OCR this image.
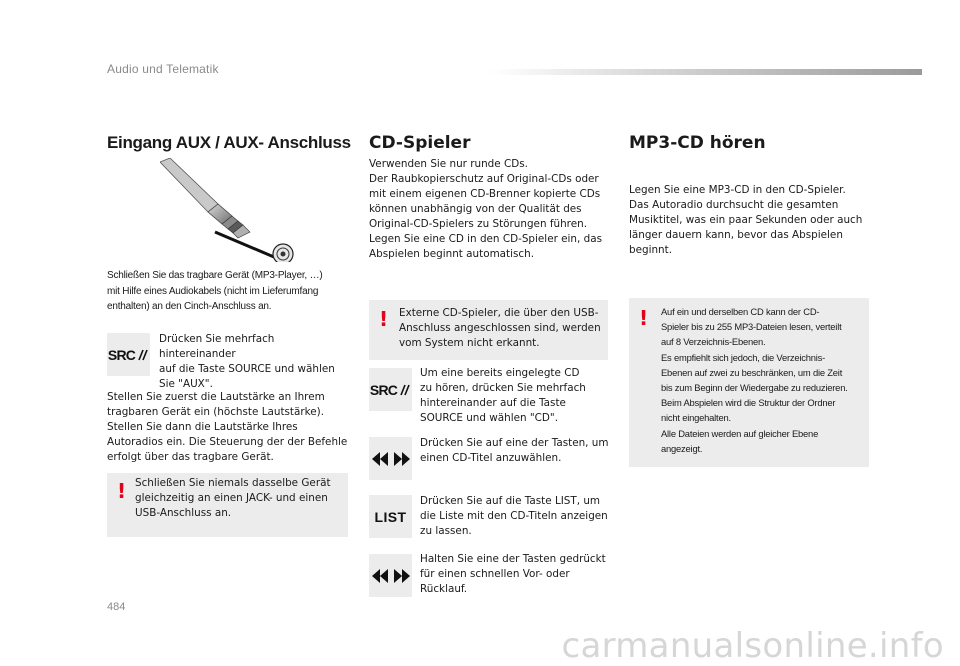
Audio und Telematik
Eingang AUX / AUX- Anschluss

Schließen Sie das tragbare Gerät (MP3-Player, …)
mit Hilfe eines Audiokabels (nicht im Lieferumfang
enthalten) an den Cinch-Anschluss an.

SRC

Drücken Sie mehrfach hintereinander
auf die Taste SOURCE und wählen
Sie "AUX".

Stellen Sie zuerst die Lautstärke an Ihrem
tragbaren Gerät ein (höchste Lautstärke).
Stellen Sie dann die Lautstärke Ihres
Autoradios ein. Die Steuerung der der Befehle
erfolgt über das tragbare Gerät.

! Schließen Sie niemals dasselbe Gerät
gleichzeitig an einen JACK- und einen
USB-Anschluss an.

CD-Spieler

Verwenden Sie nur runde CDs.
Der Raubkopierschutz auf Original-CDs oder
mit einem eigenen CD-Brenner kopierte CDs
können unabhängig von der Qualität des
Original-CD-Spielers zu Störungen führen.
Legen Sie eine CD in den CD-Spieler ein, das
Abspielen beginnt automatisch.

! Externe CD-Spieler, die über den USB-
Anschluss angeschlossen sind, werden
vom System nicht erkannt.

SRC

Um eine bereits eingelegte CD
zu hören, drücken Sie mehrfach
hintereinander auf die Taste
SOURCE und wählen "CD".

Drücken Sie auf eine der Tasten, um
einen CD-Titel anzuwählen.

LIST

Drücken Sie auf die Taste LIST, um
die Liste mit den CD-Titeln anzeigen
zu lassen.

Halten Sie eine der Tasten gedrückt
für einen schnellen Vor- oder
Rücklauf.

MP3-CD hören

Legen Sie eine MP3-CD in den CD-Spieler.
Das Autoradio durchsucht die gesamten
Musiktitel, was ein paar Sekunden oder auch
länger dauern kann, bevor das Abspielen
beginnt.

! Auf ein und derselben CD kann der CD-
Spieler bis zu 255 MP3-Dateien lesen, verteilt
auf 8 Verzeichnis-Ebenen.
Es empfiehlt sich jedoch, die Verzeichnis-
Ebenen auf zwei zu beschränken, um die Zeit
bis zum Beginn der Wiedergabe zu reduzieren.
Beim Abspielen wird die Struktur der Ordner
nicht eingehalten.
Alle Dateien werden auf gleicher Ebene
angezeigt.

484
carmanualsonline.info
